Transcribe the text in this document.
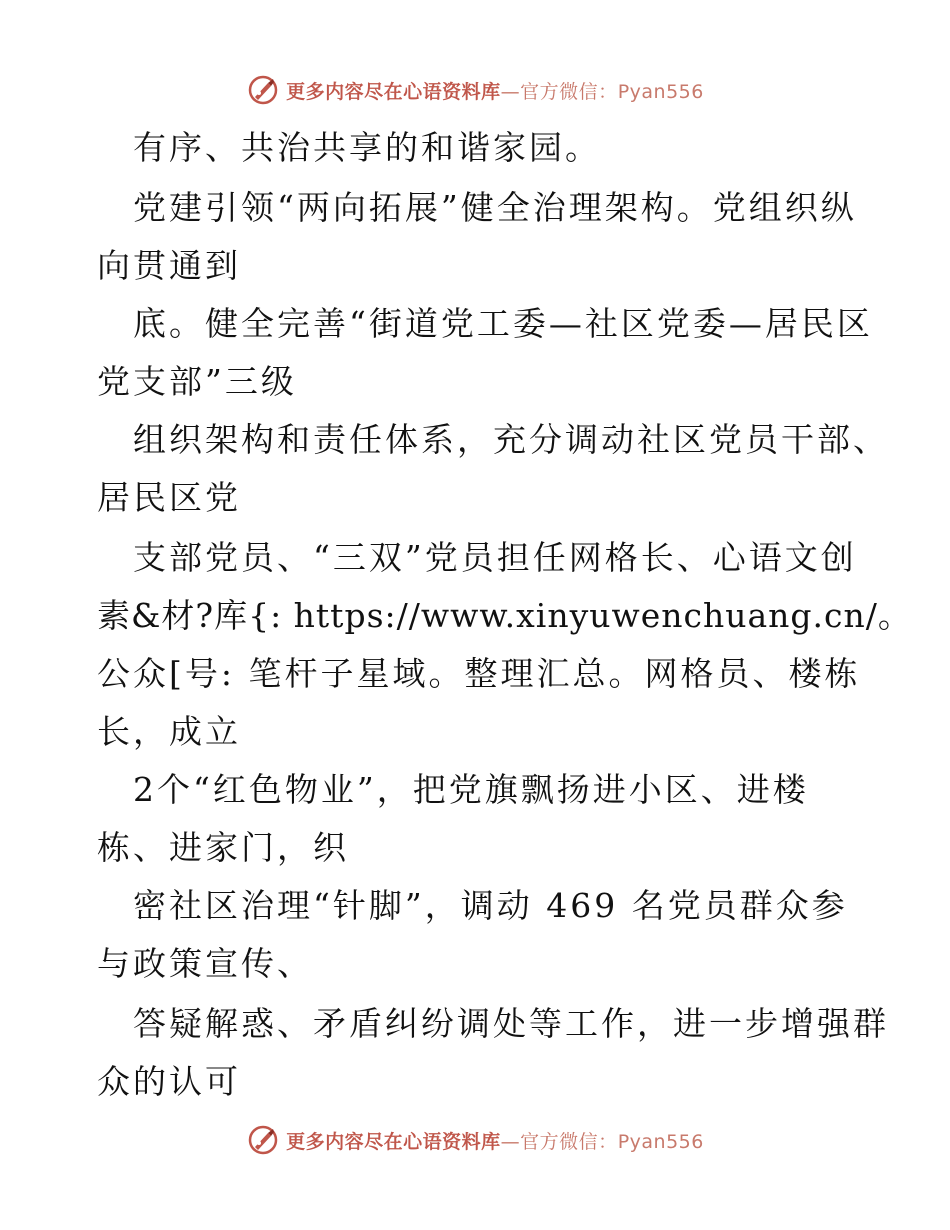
更多内容尽在心语资料库—官方微信：Pyan556
有序、共治共享的和谐家园。
党建引领“两向拓展”健全治理架构。党组织纵
向贯通到
底。健全完善“街道党工委—社区党委—居民区
党支部”三级
组织架构和责任体系，充分调动社区党员干部、
居民区党
支部党员、“三双”党员担任网格长、心语文创
素&材?库{: https://www.xinyuwenchuang.cn/。
公众[号: 笔杆子星域。整理汇总。网格员、楼栋
长，成立
2个“红色物业”，把党旗飘扬进小区、进楼
栋、进家门，织
密社区治理“针脚”，调动 469 名党员群众参
与政策宣传、
答疑解惑、矛盾纠纷调处等工作，进一步增强群
众的认可
更多内容尽在心语资料库—官方微信：Pyan556
